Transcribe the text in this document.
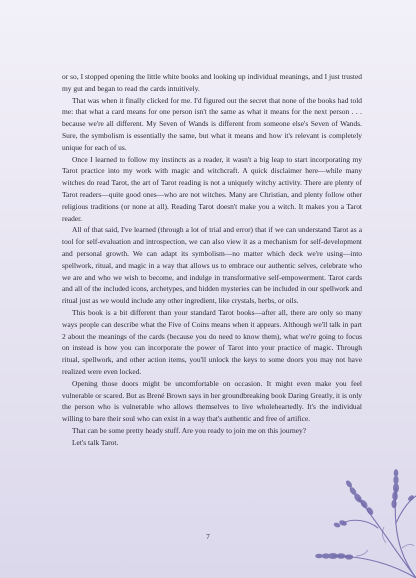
or so, I stopped opening the little white books and looking up individual meanings, and I just trusted my gut and began to read the cards intuitively.

That was when it finally clicked for me. I'd figured out the secret that none of the books had told me: that what a card means for one person isn't the same as what it means for the next person . . . because we're all different. My Seven of Wands is different from someone else's Seven of Wands. Sure, the symbolism is essentially the same, but what it means and how it's relevant is completely unique for each of us.

Once I learned to follow my instincts as a reader, it wasn't a big leap to start incorporating my Tarot practice into my work with magic and witchcraft. A quick disclaimer here—while many witches do read Tarot, the art of Tarot reading is not a uniquely witchy activity. There are plenty of Tarot readers—quite good ones—who are not witches. Many are Christian, and plenty follow other religious traditions (or none at all). Reading Tarot doesn't make you a witch. It makes you a Tarot reader.

All of that said, I've learned (through a lot of trial and error) that if we can understand Tarot as a tool for self-evaluation and introspection, we can also view it as a mechanism for self-development and personal growth. We can adapt its symbolism—no matter which deck we're using—into spellwork, ritual, and magic in a way that allows us to embrace our authentic selves, celebrate who we are and who we wish to become, and indulge in transformative self-empowerment. Tarot cards and all of the included icons, archetypes, and hidden mysteries can be included in our spellwork and ritual just as we would include any other ingredient, like crystals, herbs, or oils.

This book is a bit different than your standard Tarot books—after all, there are only so many ways people can describe what the Five of Coins means when it appears. Although we'll talk in part 2 about the meanings of the cards (because you do need to know them), what we're going to focus on instead is how you can incorporate the power of Tarot into your practice of magic. Through ritual, spellwork, and other action items, you'll unlock the keys to some doors you may not have realized were even locked.

Opening those doors might be uncomfortable on occasion. It might even make you feel vulnerable or scared. But as Brené Brown says in her groundbreaking book Daring Greatly, it is only the person who is vulnerable who allows themselves to live wholeheartedly. It's the individual willing to bare their soul who can exist in a way that's authentic and free of artifice.

That can be some pretty heady stuff. Are you ready to join me on this journey?

Let's talk Tarot.

7
